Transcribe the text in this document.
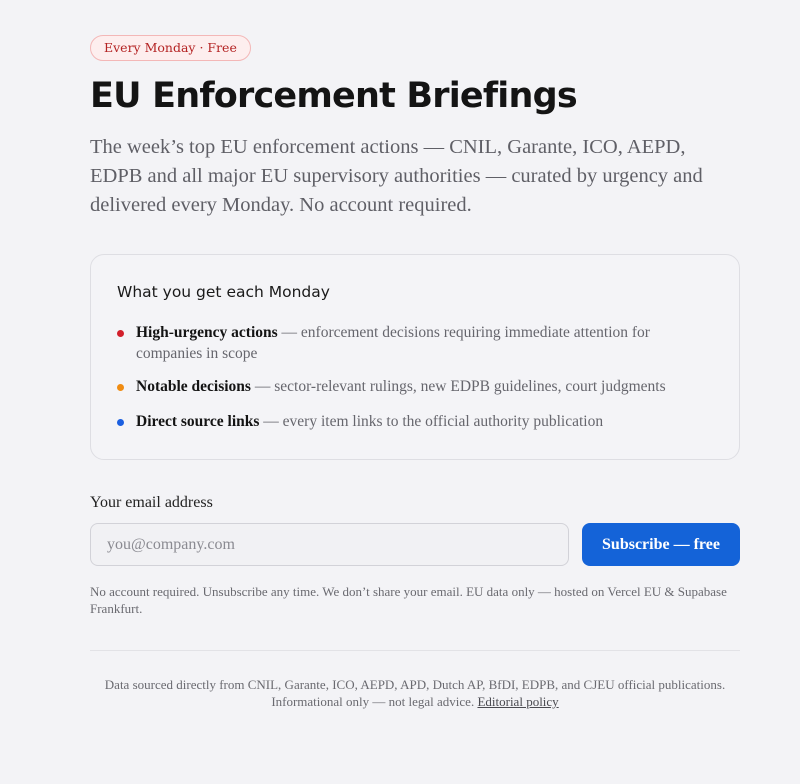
Every Monday · Free
EU Enforcement Briefings

The week’s top EU enforcement actions — CNIL, Garante, ICO, AEPD, EDPB and all major EU supervisory authorities — curated by urgency and delivered every Monday. No account required.

What you get each Monday
High-urgency actions — enforcement decisions requiring immediate attention for companies in scope
Notable decisions — sector-relevant rulings, new EDPB guidelines, court judgments
Direct source links — every item links to the official authority publication
Your email address
you@company.com
Subscribe — free

No account required. Unsubscribe any time. We don’t share your email. EU data only — hosted on Vercel EU & Supabase Frankfurt.

Data sourced directly from CNIL, Garante, ICO, AEPD, APD, Dutch AP, BfDI, EDPB, and CJEU official publications. Informational only — not legal advice. Editorial policy
